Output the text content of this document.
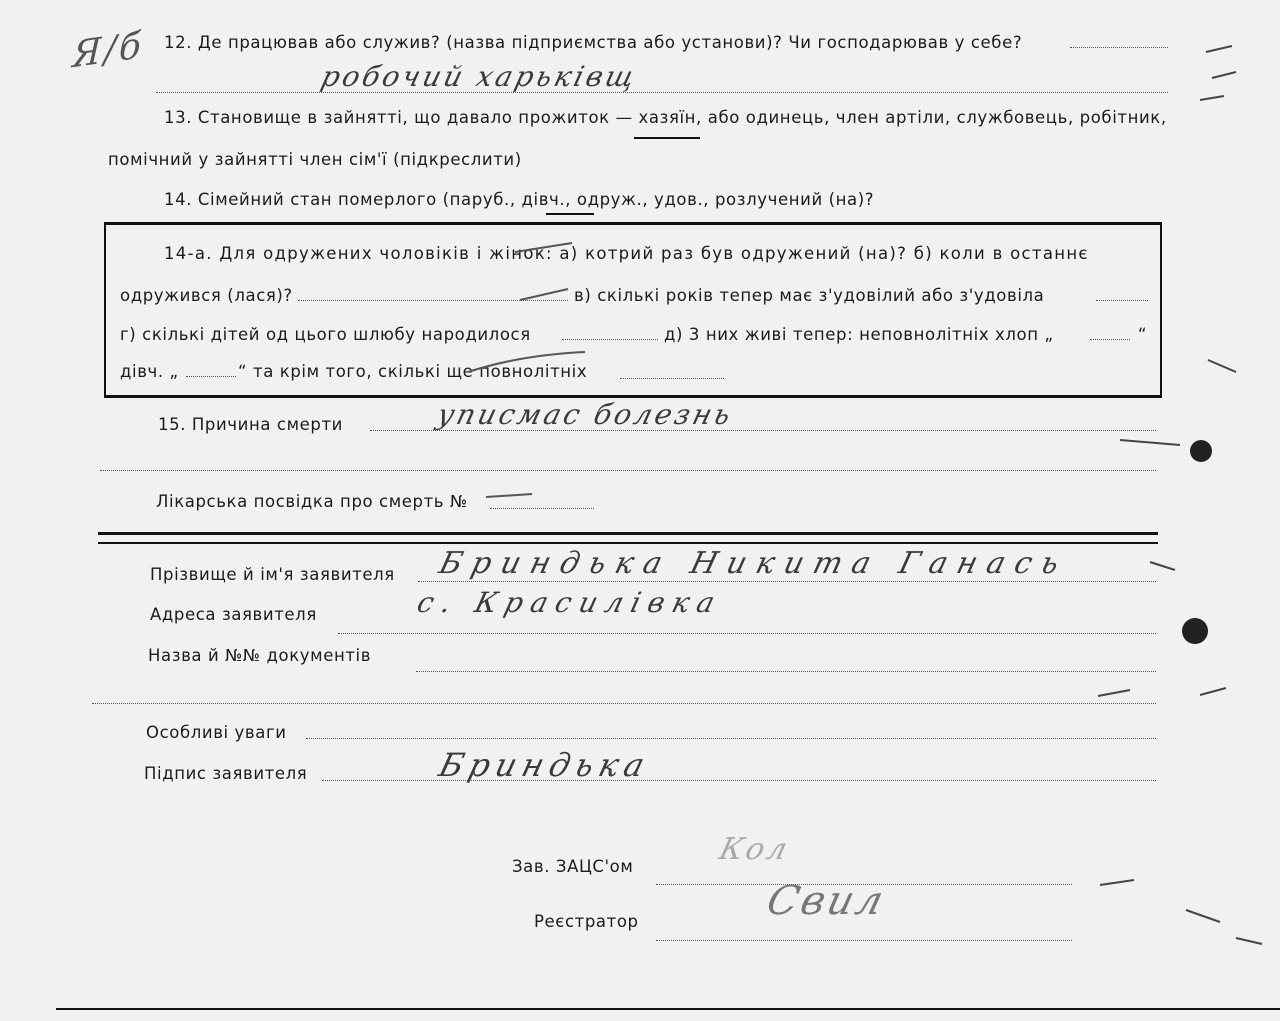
Я/б 12. Де працював або служив? (назва підприємства або установи)? Чи господарював у себе?
робочий харьківщ
13. Становище в зайнятті, що давало прожиток — хазяїн, або одинець, член артіли, службовець, робітник,
помічний у зайнятті член сім'ї (підкреслити)
14. Сімейний стан померлого (паруб., дівч., одруж., удов., розлучений (на)?
14-а. Для одружених чоловіків і жінок: а) котрий раз був одружений (на)? б) коли в останнє
одружився (лася)?	в) скількі років тепер має з'удовілий або з'удовіла
г) скількі дітей од цього шлюбу народилося	д) 3 них живі тепер: неповнолітніх хлоп „	“
дівч. „	“ та крім того, скількі ще повнолітніх
15. Причина смерти	уписмас болезнь
Лікарська посвідка про смерть №
Прізвище й ім'я заявителя Бриндька Никита Ганась
Адреса заявителя	с. Красилівка
Назва й №№ документів
Особливі уваги
Підпис заявителя	Бриндька
Зав. ЗАЦС'ом	Кол
Реєстратор	Свил
